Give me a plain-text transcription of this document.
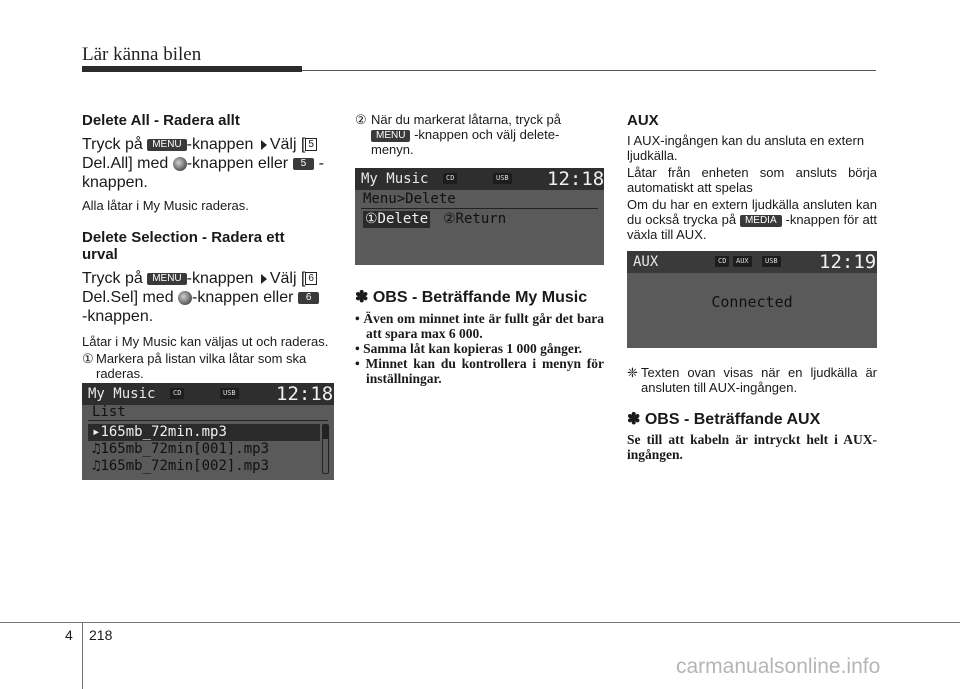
Lär känna bilen

Delete All - Radera allt

Tryck på MENU -knappen Välj [ 5
Del.All] med -knappen eller 5 -
knappen.

Alla låtar i My Music raderas.

Delete Selection - Radera ett
urval

Tryck på MENU -knappen Välj [ 6
Del.Sel] med -knappen eller 6
-knappen.

Låtar i My Music kan väljas ut och raderas.

① Markera på listan vilka låtar som ska raderas.
My Music	CD	USB 12:18
List
▸165mb_72min.mp3
♫165mb_72min[001].mp3
♫165mb_72min[002].mp3
② När du markerat låtarna, tryck på
MENU -knappen och välj delete-
menyn.
My Music	CD	USB 12:18
Menu>Delete
①Delete ②Return

✽ OBS - Beträffande My Music

• Även om minnet inte är fullt går det bara att spara max 6 000.

• Samma låt kan kopieras 1 000 gånger.

• Minnet kan du kontrollera i menyn för inställningar.

AUX

I AUX-ingången kan du ansluta en extern ljudkälla.

Låtar från enheten som ansluts börja automatiskt att spelas

Om du har en extern ljudkälla ansluten kan du också trycka på MEDIA -knappen för att växla till AUX.

AUX	CD	AUX	USB 12:19
Connected
❈ Texten ovan visas när en ljudkälla är ansluten till AUX-ingången.

✽ OBS - Beträffande AUX

Se till att kabeln är intryckt helt i AUX-ingången.

4 218
carmanualsonline.info
